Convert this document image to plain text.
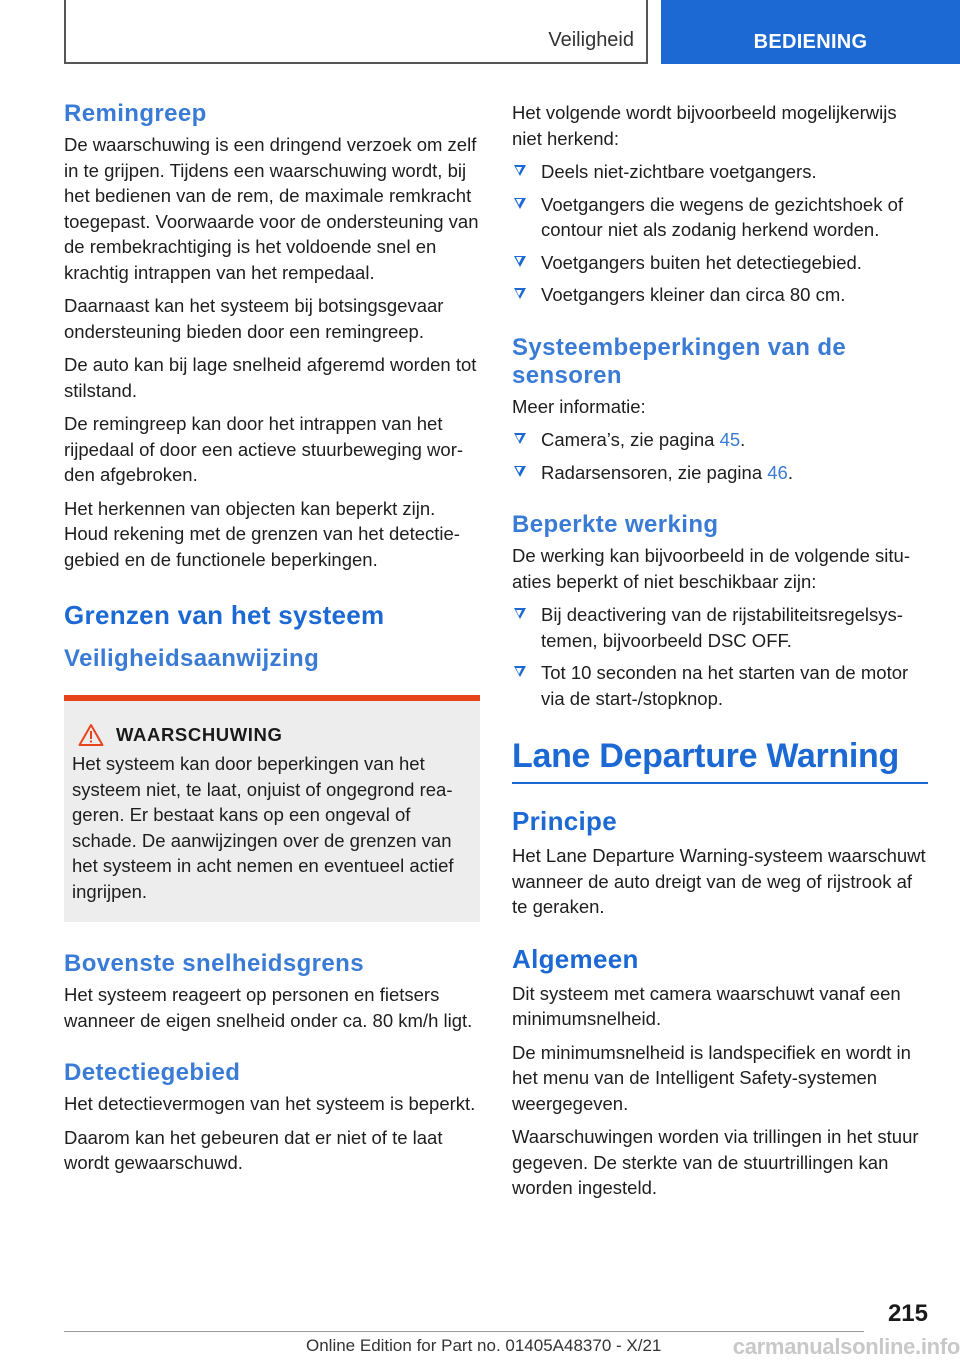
Veiligheid	BEDIENING
Remingreep

De waarschuwing is een dringend verzoek om zelf in te grijpen. Tijdens een waarschuwing wordt, bij het bedienen van de rem, de maximale remkracht toegepast. Voorwaarde voor de ondersteuning van de rembekrachtiging is het voldoende snel en krachtig intrappen van het rempedaal.

Daarnaast kan het systeem bij botsingsgevaar ondersteuning bieden door een remingreep.

De auto kan bij lage snelheid afgeremd worden tot stilstand.

De remingreep kan door het intrappen van het rijpedaal of door een actieve stuurbeweging worden afgebroken.

Het herkennen van objecten kan beperkt zijn. Houd rekening met de grenzen van het detectiegebied en de functionele beperkingen.

Grenzen van het systeem
Veiligheidsaanwijzing
WAARSCHUWING

Het systeem kan door beperkingen van het systeem niet, te laat, onjuist of ongegrond reageren. Er bestaat kans op een ongeval of schade. De aanwijzingen over de grenzen van het systeem in acht nemen en eventueel actief ingrijpen.

Bovenste snelheidsgrens

Het systeem reageert op personen en fietsers wanneer de eigen snelheid onder ca. 80 km/h ligt.

Detectiegebied

Het detectievermogen van het systeem is beperkt.

Daarom kan het gebeuren dat er niet of te laat wordt gewaarschuwd.

Het volgende wordt bijvoorbeeld mogelijkerwijs niet herkend:

Deels niet-zichtbare voetgangers.
Voetgangers die wegens de gezichtshoek of contour niet als zodanig herkend worden.
Voetgangers buiten het detectiegebied.
Voetgangers kleiner dan circa 80 cm.
Systeembeperkingen van de sensoren

Meer informatie:

Camera’s, zie pagina 45.
Radarsensoren, zie pagina 46.
Beperkte werking

De werking kan bijvoorbeeld in de volgende situaties beperkt of niet beschikbaar zijn:

Bij deactivering van de rijstabiliteitsregelsystemen, bijvoorbeeld DSC OFF.
Tot 10 seconden na het starten van de motor via de start-/stopknop.
Lane Departure Warning
Principe

Het Lane Departure Warning-systeem waarschuwt wanneer de auto dreigt van de weg of rijstrook af te geraken.

Algemeen

Dit systeem met camera waarschuwt vanaf een minimumsnelheid.

De minimumsnelheid is landspecifiek en wordt in het menu van de Intelligent Safety-systemen weergegeven.

Waarschuwingen worden via trillingen in het stuur gegeven. De sterkte van de stuurtrillingen kan worden ingesteld.

215
Online Edition for Part no. 01405A48370 - X/21	carmanualsonline.info
